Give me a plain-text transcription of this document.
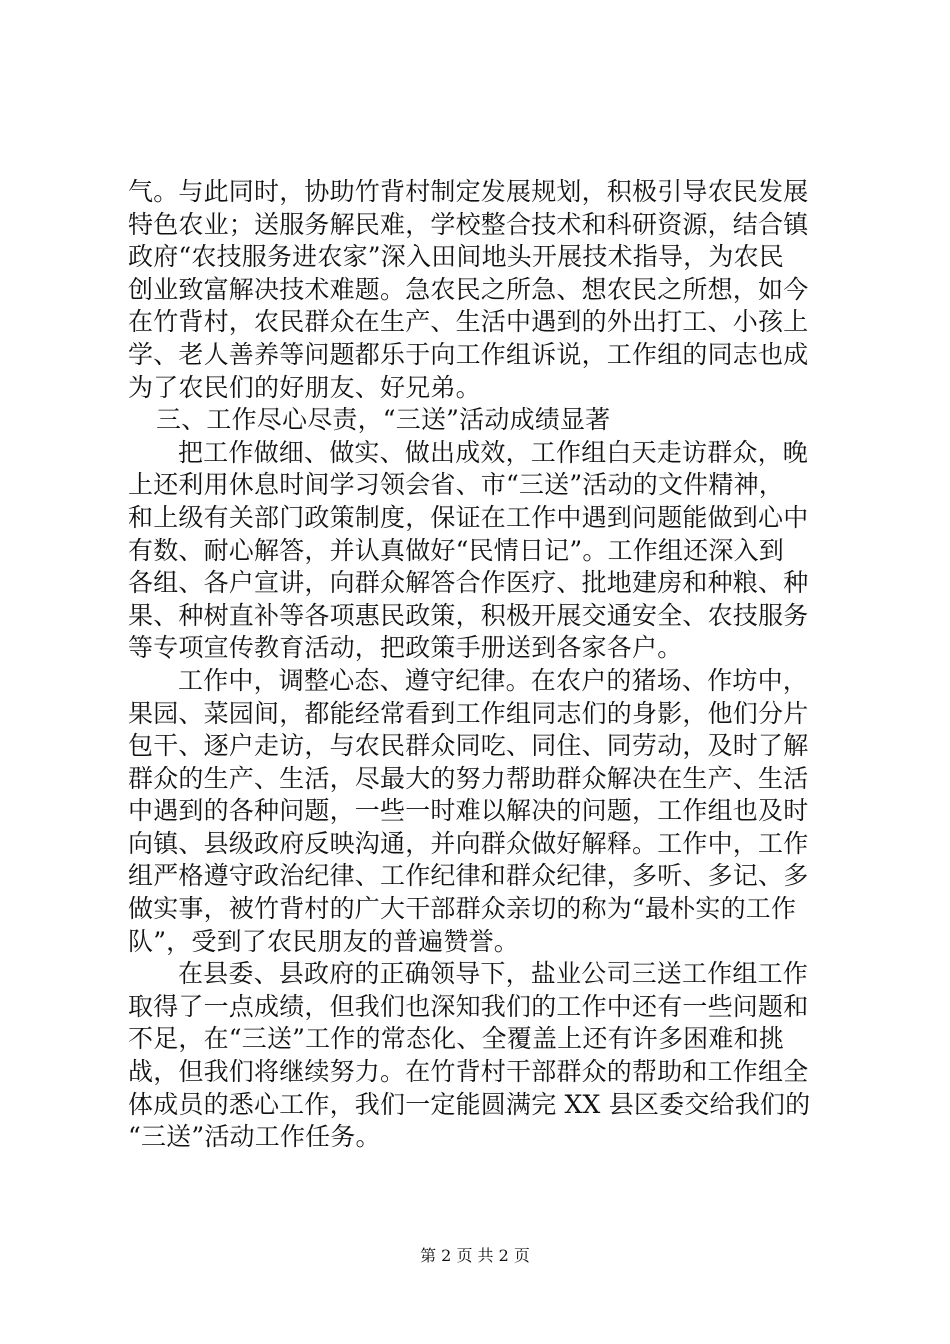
气。与此同时，协助竹背村制定发展规划，积极引导农民发展
特色农业；送服务解民难，学校整合技术和科研资源，结合镇
政府“农技服务进农家”深入田间地头开展技术指导，为农民
创业致富解决技术难题。急农民之所急、想农民之所想，如今
在竹背村，农民群众在生产、生活中遇到的外出打工、小孩上
学、老人善养等问题都乐于向工作组诉说，工作组的同志也成
为了农民们的好朋友、好兄弟。
三、工作尽心尽责，“三送”活动成绩显著
把工作做细、做实、做出成效，工作组白天走访群众，晚
上还利用休息时间学习领会省、市“三送”活动的文件精神，
和上级有关部门政策制度，保证在工作中遇到问题能做到心中
有数、耐心解答，并认真做好“民情日记”。工作组还深入到
各组、各户宣讲，向群众解答合作医疗、批地建房和种粮、种
果、种树直补等各项惠民政策，积极开展交通安全、农技服务
等专项宣传教育活动，把政策手册送到各家各户。
工作中，调整心态、遵守纪律。在农户的猪场、作坊中，
果园、菜园间，都能经常看到工作组同志们的身影，他们分片
包干、逐户走访，与农民群众同吃、同住、同劳动，及时了解
群众的生产、生活，尽最大的努力帮助群众解决在生产、生活
中遇到的各种问题，一些一时难以解决的问题，工作组也及时
向镇、县级政府反映沟通，并向群众做好解释。工作中，工作
组严格遵守政治纪律、工作纪律和群众纪律，多听、多记、多
做实事，被竹背村的广大干部群众亲切的称为“最朴实的工作
队”，受到了农民朋友的普遍赞誉。
在县委、县政府的正确领导下，盐业公司三送工作组工作
取得了一点成绩，但我们也深知我们的工作中还有一些问题和
不足，在“三送”工作的常态化、全覆盖上还有许多困难和挑
战，但我们将继续努力。在竹背村干部群众的帮助和工作组全
体成员的悉心工作，我们一定能圆满完 XX 县区委交给我们的
“三送”活动工作任务。
第 2 页 共 2 页
